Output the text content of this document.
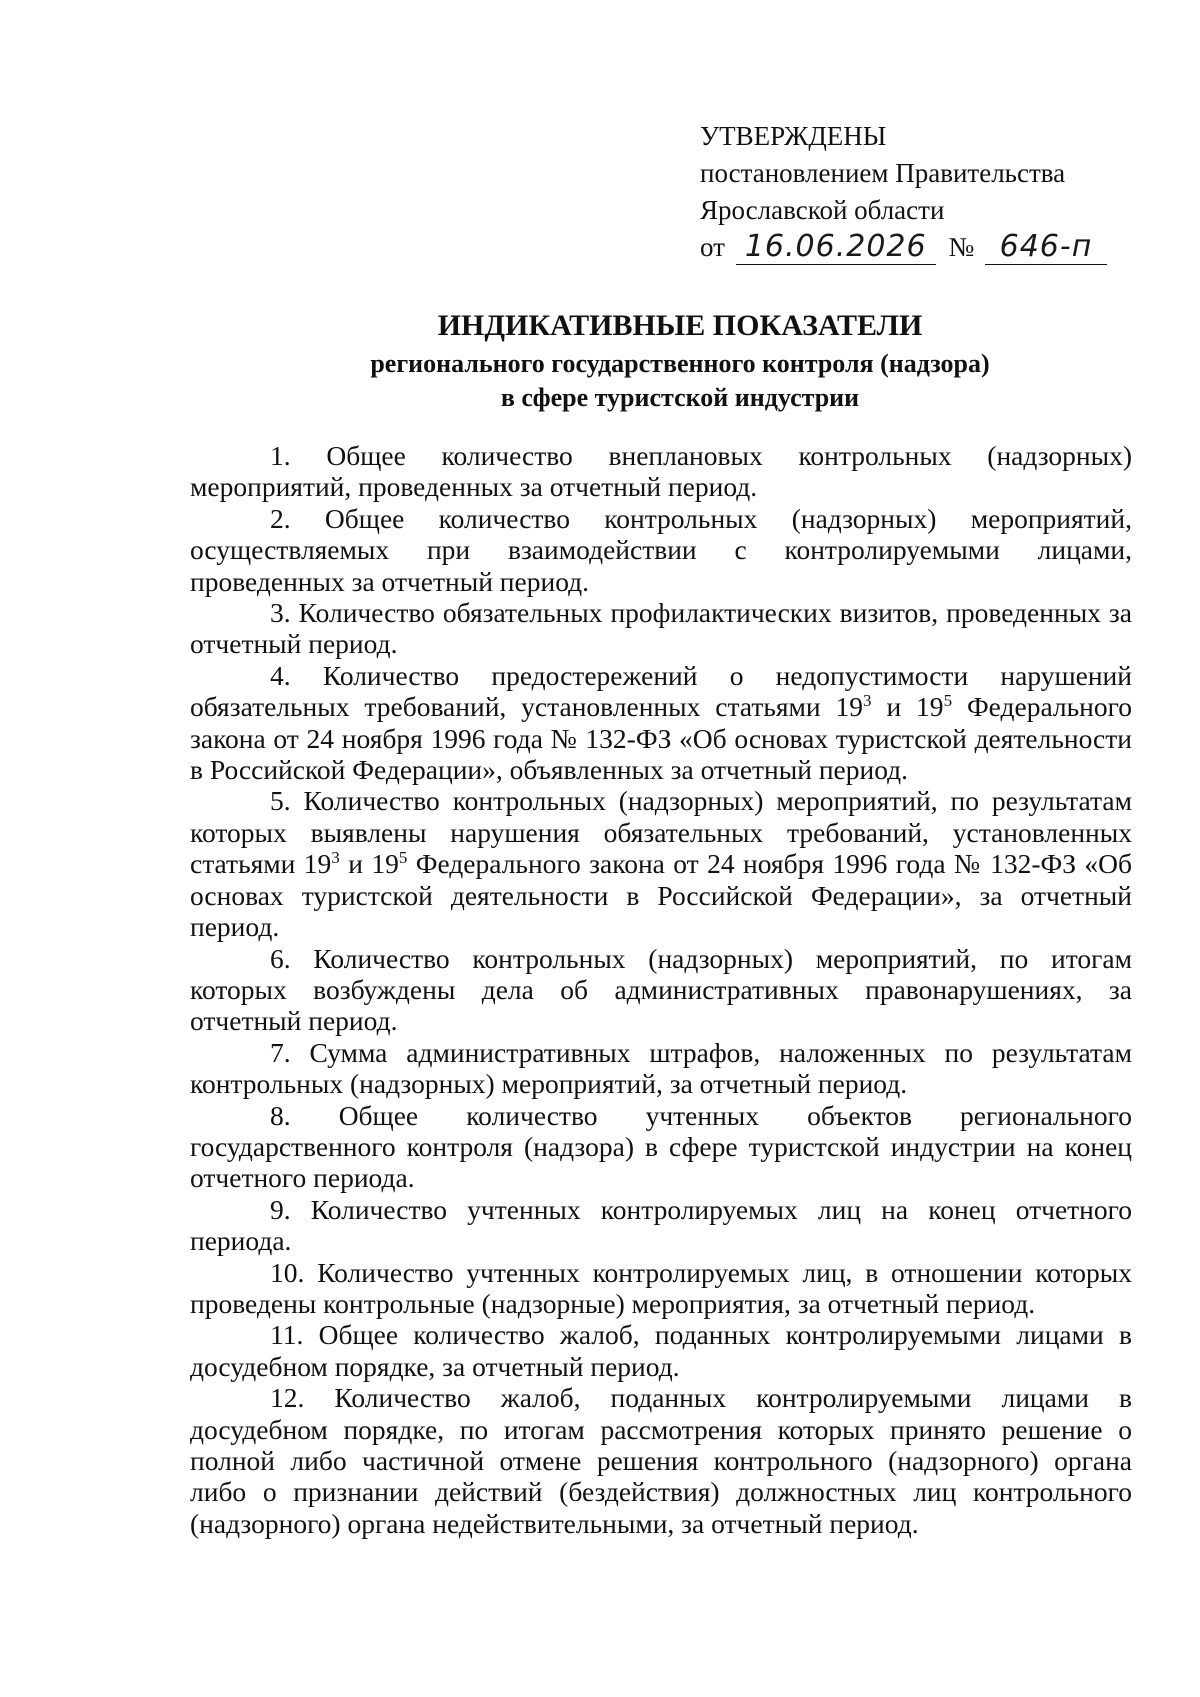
УТВЕРЖДЕНЫ
постановлением Правительства
Ярославской области
от 16.06.2026 № 646-п
ИНДИКАТИВНЫЕ ПОКАЗАТЕЛИ
регионального государственного контроля (надзора)
в сфере туристской индустрии

1. Общее количество внеплановых контрольных (надзорных) мероприятий, проведенных за отчетный период.

2. Общее количество контрольных (надзорных) мероприятий, осуществляемых при взаимодействии с контролируемыми лицами, проведенных за отчетный период.

3. Количество обязательных профилактических визитов, проведенных за отчетный период.

4. Количество предостережений о недопустимости нарушений обязательных требований, установленных статьями $19^3$ и $19^5$ Федерального закона от 24 ноября 1996 года № 132-ФЗ «Об основах туристской деятельности в Российской Федерации», объявленных за отчетный период.

5. Количество контрольных (надзорных) мероприятий, по результатам которых выявлены нарушения обязательных требований, установленных статьями $19^3$ и $19^5$ Федерального закона от 24 ноября 1996 года № 132-ФЗ «Об основах туристской деятельности в Российской Федерации», за отчетный период.

6. Количество контрольных (надзорных) мероприятий, по итогам которых возбуждены дела об административных правонарушениях, за отчетный период.

7. Сумма административных штрафов, наложенных по результатам контрольных (надзорных) мероприятий, за отчетный период.

8. Общее количество учтенных объектов регионального государственного контроля (надзора) в сфере туристской индустрии на конец отчетного периода.

9. Количество учтенных контролируемых лиц на конец отчетного периода.

10. Количество учтенных контролируемых лиц, в отношении которых проведены контрольные (надзорные) мероприятия, за отчетный период.

11. Общее количество жалоб, поданных контролируемыми лицами в досудебном порядке, за отчетный период.

12. Количество жалоб, поданных контролируемыми лицами в досудебном порядке, по итогам рассмотрения которых принято решение о полной либо частичной отмене решения контрольного (надзорного) органа либо о признании действий (бездействия) должностных лиц контрольного (надзорного) органа недействительными, за отчетный период.
